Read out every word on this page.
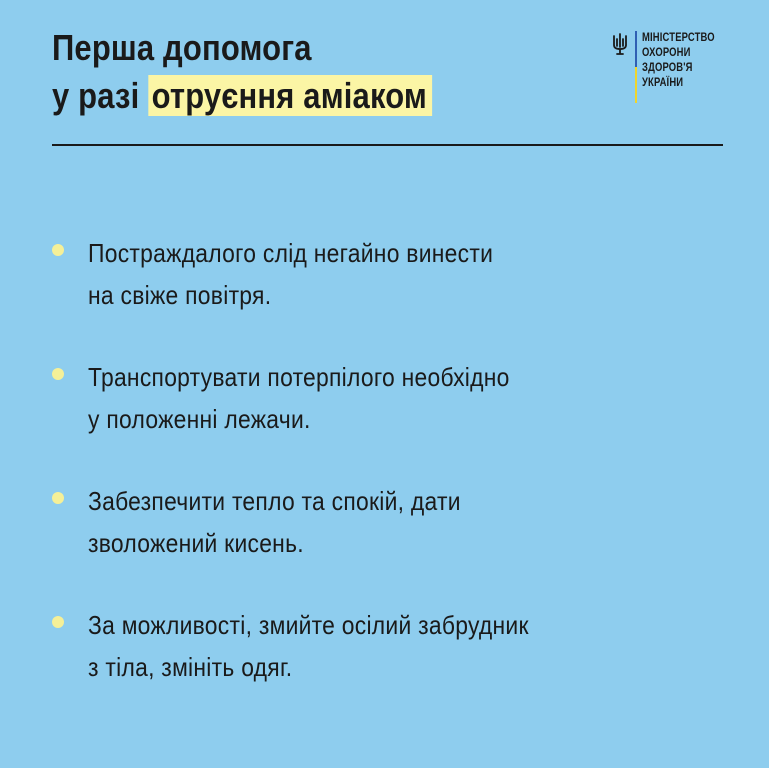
Перша допомога
у разі отруєння аміаком
МІНІСТЕРСТВО
ОХОРОНИ
ЗДОРОВ'Я
УКРАЇНИ
Постраждалого слід негайно винести
на свіже повітря.
Транспортувати потерпілого необхідно
у положенні лежачи.
Забезпечити тепло та спокій, дати
зволожений кисень.
За можливості, змийте осілий забрудник
з тіла, змініть одяг.
